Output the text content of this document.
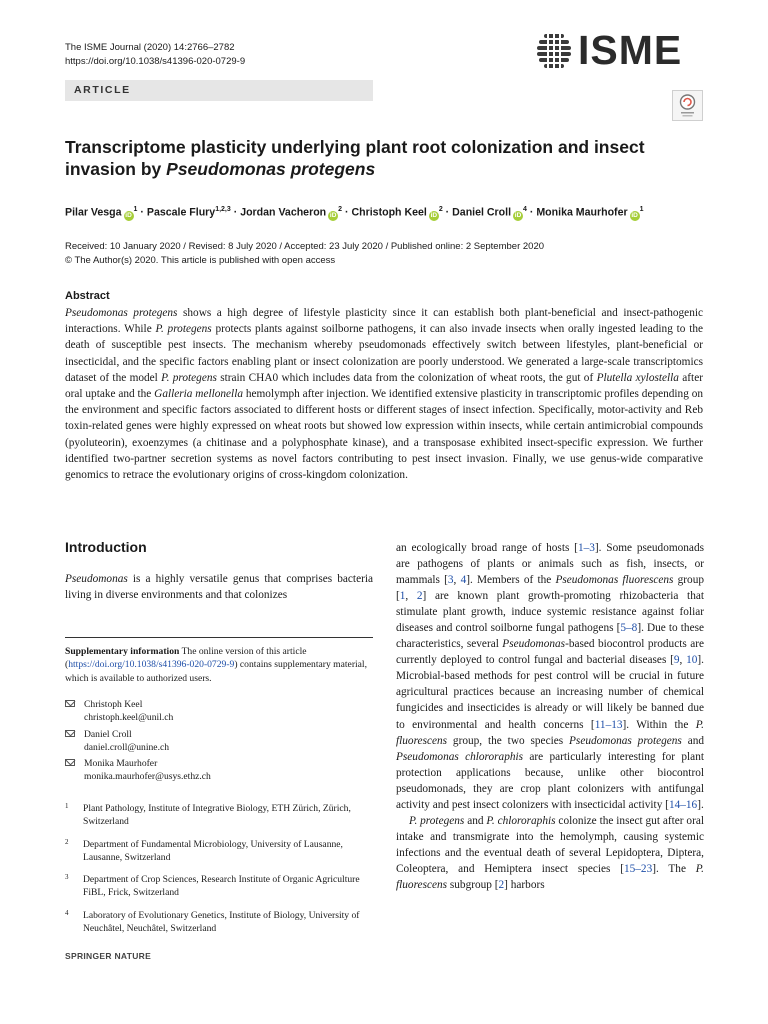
The ISME Journal (2020) 14:2766–2782
https://doi.org/10.1038/s41396-020-0729-9	ISME
ARTICLE
Transcriptome plasticity underlying plant root colonization and insect invasion by Pseudomonas protegens
Pilar Vesga $iD^1$ · Pascale Flury$^{1,2,3}$ · Jordan Vacheron $iD^2$ · Christoph Keel $iD^2$ · Daniel Croll $iD^4$ · Monika Maurhofer $iD^1$
Received: 10 January 2020 / Revised: 8 July 2020 / Accepted: 23 July 2020 / Published online: 2 September 2020
© The Author(s) 2020. This article is published with open access
Abstract
Pseudomonas protegens shows a high degree of lifestyle plasticity since it can establish both plant-beneficial and insect-pathogenic interactions. While P. protegens protects plants against soilborne pathogens, it can also invade insects when orally ingested leading to the death of susceptible pest insects. The mechanism whereby pseudomonads effectively switch between lifestyles, plant-beneficial or insecticidal, and the specific factors enabling plant or insect colonization are poorly understood. We generated a large-scale transcriptomics dataset of the model P. protegens strain CHA0 which includes data from the colonization of wheat roots, the gut of Plutella xylostella after oral uptake and the Galleria mellonella hemolymph after injection. We identified extensive plasticity in transcriptomic profiles depending on the environment and specific factors associated to different hosts or different stages of insect infection. Specifically, motor-activity and Reb toxin-related genes were highly expressed on wheat roots but showed low expression within insects, while certain antimicrobial compounds (pyoluteorin), exoenzymes (a chitinase and a polyphosphate kinase), and a transposase exhibited insect-specific expression. We further identified two-partner secretion systems as novel factors contributing to pest insect invasion. Finally, we use genus-wide comparative genomics to retrace the evolutionary origins of cross-kingdom colonization.
Introduction
Pseudomonas is a highly versatile genus that comprises bacteria living in diverse environments and that colonizes
Supplementary information The online version of this article (https://doi.org/10.1038/s41396-020-0729-9) contains supplementary material, which is available to authorized users.
Christoph Keel
christoph.keel@unil.ch
Daniel Croll
daniel.croll@unine.ch
Monika Maurhofer
monika.maurhofer@usys.ethz.ch
1 Plant Pathology, Institute of Integrative Biology, ETH Zürich, Zürich, Switzerland
2 Department of Fundamental Microbiology, University of Lausanne, Lausanne, Switzerland
3 Department of Crop Sciences, Research Institute of Organic Agriculture FiBL, Frick, Switzerland
4 Laboratory of Evolutionary Genetics, Institute of Biology, University of Neuchâtel, Neuchâtel, Switzerland

an ecologically broad range of hosts [1–3]. Some pseudomonads are pathogens of plants or animals such as fish, insects, or mammals [3, 4]. Members of the Pseudomonas fluorescens group [1, 2] are known plant growth-promoting rhizobacteria that stimulate plant growth, induce systemic resistance against foliar diseases and control soilborne fungal pathogens [5–8]. Due to these characteristics, several Pseudomonas-based biocontrol products are currently deployed to control fungal and bacterial diseases [9, 10]. Microbial-based methods for pest control will be crucial in future agricultural practices because an increasing number of chemical fungicides and insecticides is already or will likely be banned due to environmental and health concerns [11–13]. Within the P. fluorescens group, the two species Pseudomonas protegens and Pseudomonas chlororaphis are particularly interesting for plant protection applications because, unlike other biocontrol pseudomonads, they are crop plant colonizers with antifungal activity and pest insect colonizers with insecticidal activity [14–16].

P. protegens and P. chlororaphis colonize the insect gut after oral intake and transmigrate into the hemolymph, causing systemic infections and the eventual death of several Lepidoptera, Diptera, Coleoptera, and Hemiptera insect species [15–23]. The P. fluorescens subgroup [2] harbors

SPRINGER NATURE
